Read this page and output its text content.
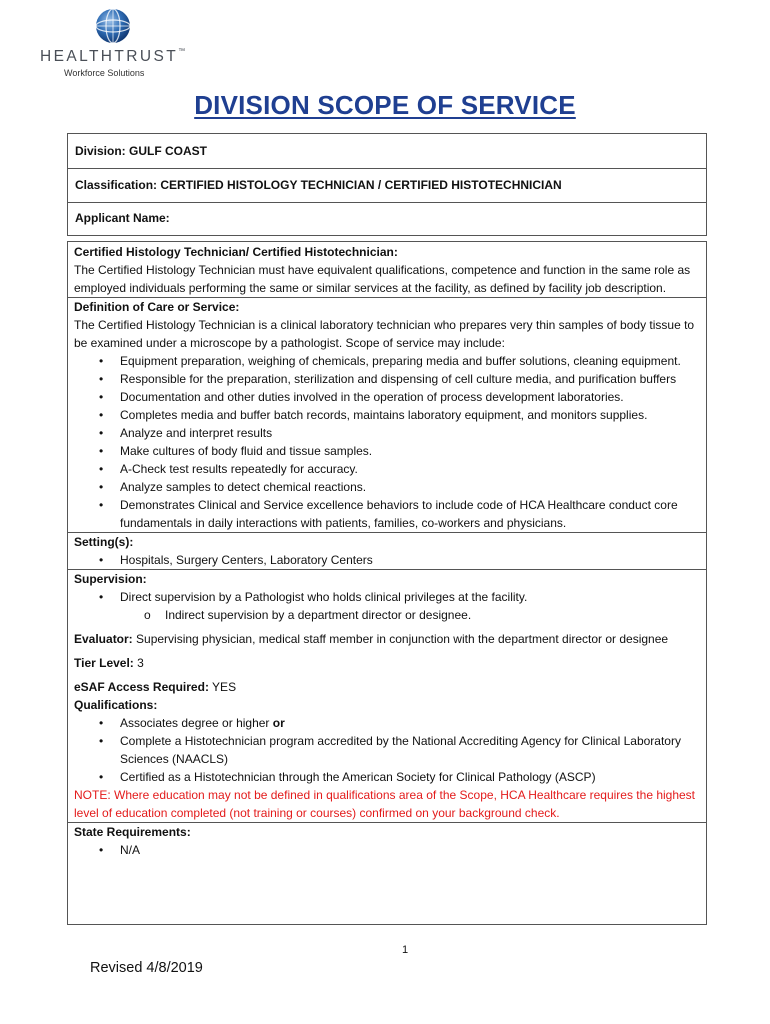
HEALTHTRUST™
Workforce Solutions
DIVISION SCOPE OF SERVICE
Division: GULF COAST
Classification: CERTIFIED HISTOLOGY TECHNICIAN / CERTIFIED HISTOTECHNICIAN
Applicant Name:
Certified Histology Technician/ Certified Histotechnician:

The Certified Histology Technician must have equivalent qualifications, competence and function in the same role as employed individuals performing the same or similar services at the facility, as defined by facility job description.

Definition of Care or Service:

The Certified Histology Technician is a clinical laboratory technician who prepares very thin samples of body tissue to be examined under a microscope by a pathologist. Scope of service may include:

• Equipment preparation, weighing of chemicals, preparing media and buffer solutions, cleaning equipment.
• Responsible for the preparation, sterilization and dispensing of cell culture media, and purification buffers
• Documentation and other duties involved in the operation of process development laboratories.
• Completes media and buffer batch records, maintains laboratory equipment, and monitors supplies.
• Analyze and interpret results
• Make cultures of body fluid and tissue samples.
• A-Check test results repeatedly for accuracy.
• Analyze samples to detect chemical reactions.
• Demonstrates Clinical and Service excellence behaviors to include code of HCA Healthcare conduct core fundamentals in daily interactions with patients, families, co-workers and physicians.
Setting(s):
• Hospitals, Surgery Centers, Laboratory Centers
Supervision:
• Direct supervision by a Pathologist who holds clinical privileges at the facility.
o Indirect supervision by a department director or designee.

Evaluator: Supervising physician, medical staff member in conjunction with the department director or designee

Tier Level: 3

eSAF Access Required: YES

Qualifications:
• Associates degree or higher or
• Complete a Histotechnician program accredited by the National Accrediting Agency for Clinical Laboratory Sciences (NAACLS)
• Certified as a Histotechnician through the American Society for Clinical Pathology (ASCP)

NOTE: Where education may not be defined in qualifications area of the Scope, HCA Healthcare requires the highest level of education completed (not training or courses) confirmed on your background check.

State Requirements:
• N/A
1
Revised 4/8/2019
